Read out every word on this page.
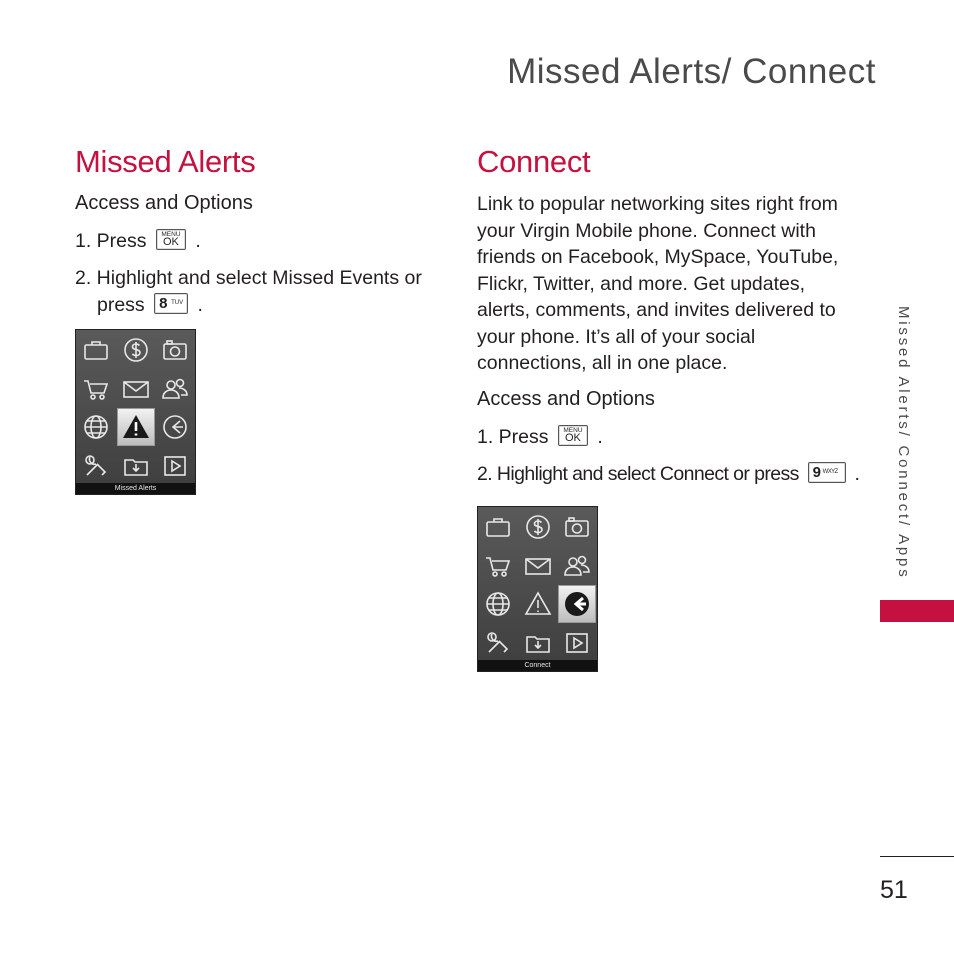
Missed Alerts/ Connect
Missed Alerts
Access and Options
1. Press	MENU
OK .
2. Highlight and select Missed Events or
press 8 TUV .
Missed Alerts
Connect
Link to popular networking sites right from
your Virgin Mobile phone. Connect with
friends on Facebook, MySpace, YouTube,
Flickr, Twitter, and more. Get updates,
alerts, comments, and invites delivered to
your phone. It’s all of your social
connections, all in one place.
Access and Options
1. Press	MENU
OK .
2. Highlight and select Connect or press 9 WXYZ .
Connect
Missed Alerts/ Connect/ Apps
51
